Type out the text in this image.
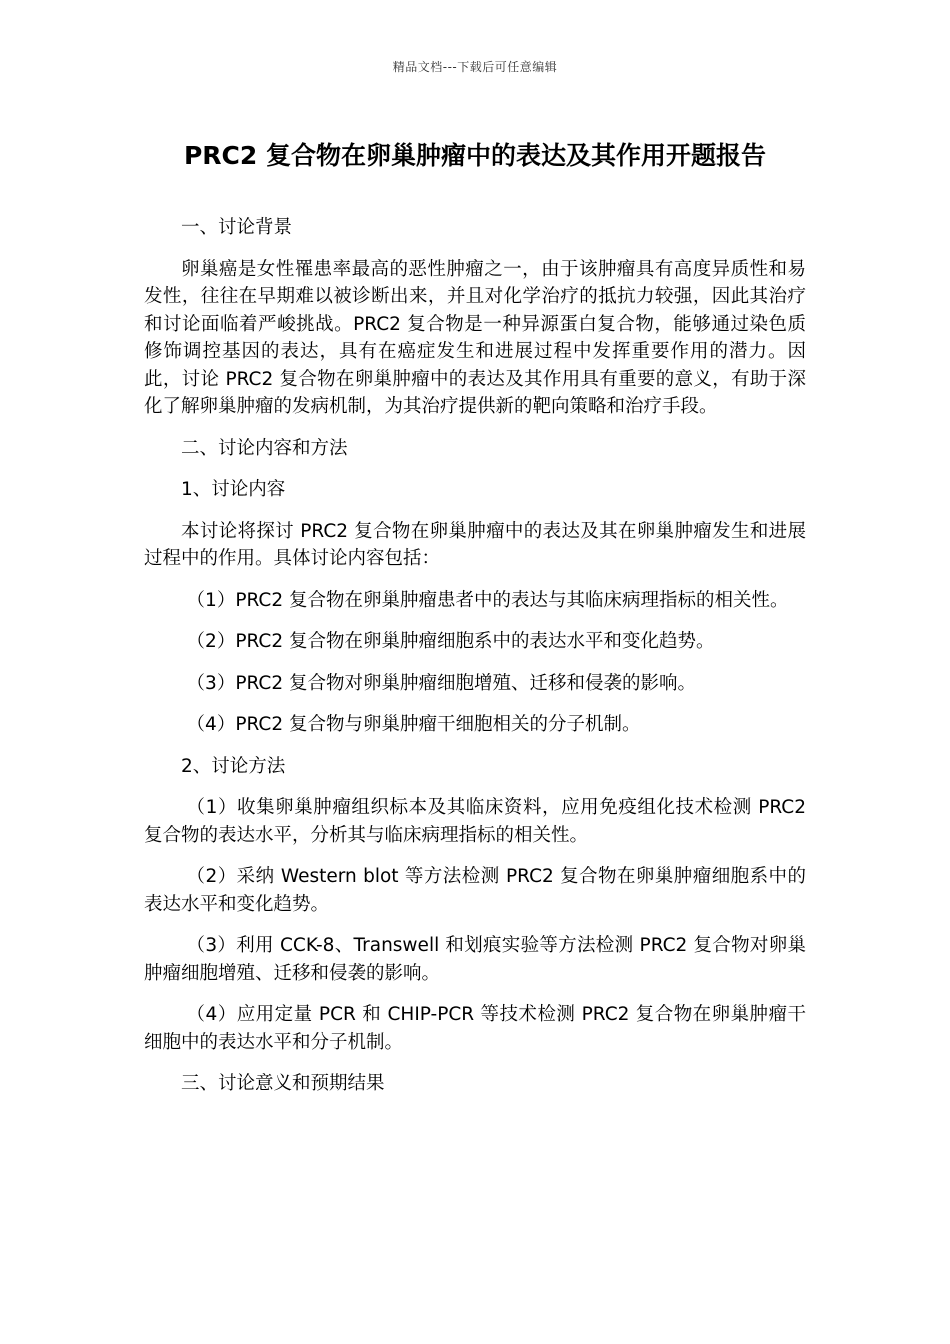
精品文档---下载后可任意编辑
PRC2 复合物在卵巢肿瘤中的表达及其作用开题报告

一、讨论背景

卵巢癌是女性罹患率最高的恶性肿瘤之一，由于该肿瘤具有高度异质性和易发性，往往在早期难以被诊断出来，并且对化学治疗的抵抗力较强，因此其治疗和讨论面临着严峻挑战。PRC2 复合物是一种异源蛋白复合物，能够通过染色质修饰调控基因的表达，具有在癌症发生和进展过程中发挥重要作用的潜力。因此，讨论 PRC2 复合物在卵巢肿瘤中的表达及其作用具有重要的意义，有助于深化了解卵巢肿瘤的发病机制，为其治疗提供新的靶向策略和治疗手段。

二、讨论内容和方法

1、讨论内容

本讨论将探讨 PRC2 复合物在卵巢肿瘤中的表达及其在卵巢肿瘤发生和进展过程中的作用。具体讨论内容包括：

（1）PRC2 复合物在卵巢肿瘤患者中的表达与其临床病理指标的相关性。

（2）PRC2 复合物在卵巢肿瘤细胞系中的表达水平和变化趋势。

（3）PRC2 复合物对卵巢肿瘤细胞增殖、迁移和侵袭的影响。

（4）PRC2 复合物与卵巢肿瘤干细胞相关的分子机制。

2、讨论方法

（1）收集卵巢肿瘤组织标本及其临床资料，应用免疫组化技术检测 PRC2 复合物的表达水平，分析其与临床病理指标的相关性。

（2）采纳 Western blot 等方法检测 PRC2 复合物在卵巢肿瘤细胞系中的表达水平和变化趋势。

（3）利用 CCK-8、Transwell 和划痕实验等方法检测 PRC2 复合物对卵巢肿瘤细胞增殖、迁移和侵袭的影响。

（4）应用定量 PCR 和 CHIP-PCR 等技术检测 PRC2 复合物在卵巢肿瘤干细胞中的表达水平和分子机制。

三、讨论意义和预期结果
